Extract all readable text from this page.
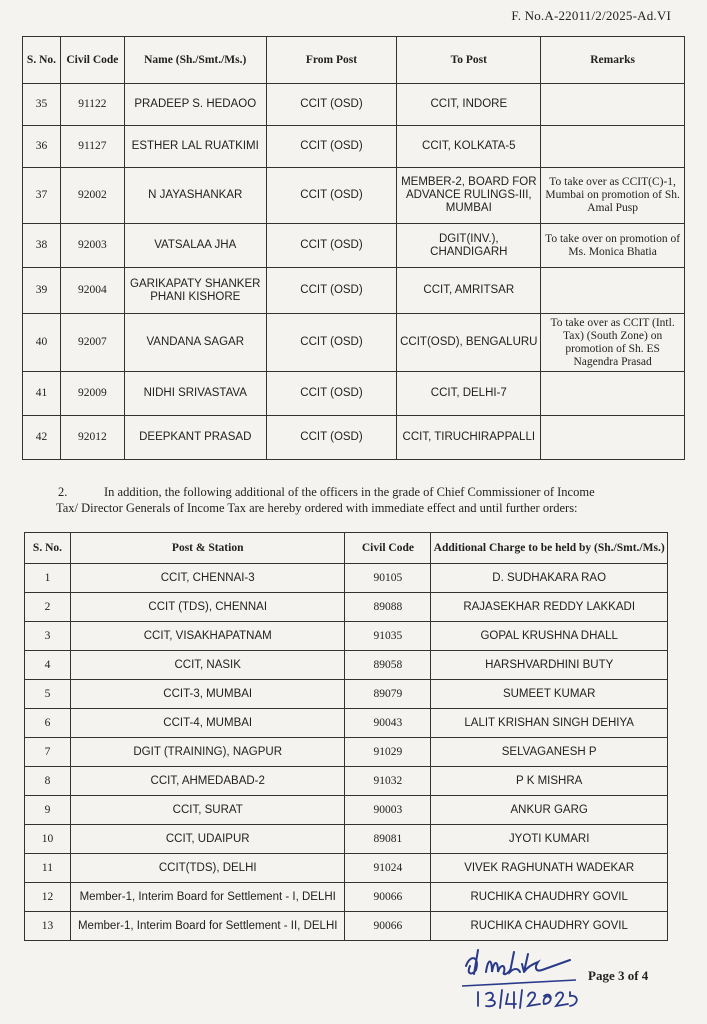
F. No.A-22011/2/2025-Ad.VI
S. No.	Civil Code	Name (Sh./Smt./Ms.)	From Post	To Post	Remarks
35	91122	PRADEEP S. HEDAOO	CCIT (OSD)	CCIT, INDORE	
36	91127	ESTHER LAL RUATKIMI	CCIT (OSD)	CCIT, KOLKATA-5	
37	92002	N JAYASHANKAR	CCIT (OSD)	MEMBER-2, BOARD FOR ADVANCE RULINGS-III, MUMBAI	To take over as CCIT(C)-1, Mumbai on promotion of Sh. Amal Pusp
38	92003	VATSALAA JHA	CCIT (OSD)	DGIT(INV.), CHANDIGARH	To take over on promotion of Ms. Monica Bhatia
39	92004	GARIKAPATY SHANKER PHANI KISHORE	CCIT (OSD)	CCIT, AMRITSAR	
40	92007	VANDANA SAGAR	CCIT (OSD)	CCIT(OSD), BENGALURU	To take over as CCIT (Intl. Tax) (South Zone) on promotion of Sh. ES Nagendra Prasad
41	92009	NIDHI SRIVASTAVA	CCIT (OSD)	CCIT, DELHI-7	
42	92012	DEEPKANT PRASAD	CCIT (OSD)	CCIT, TIRUCHIRAPPALLI	
2.	In addition, the following additional of the officers in the grade of Chief Commissioner of Income
Tax/ Director Generals of Income Tax are hereby ordered with immediate effect and until further orders:
S. No.	Post & Station	Civil Code	Additional Charge to be held by (Sh./Smt./Ms.)
1	CCIT, CHENNAI-3	90105	D. SUDHAKARA RAO
2	CCIT (TDS), CHENNAI	89088	RAJASEKHAR REDDY LAKKADI
3	CCIT, VISAKHAPATNAM	91035	GOPAL KRUSHNA DHALL
4	CCIT, NASIK	89058	HARSHVARDHINI BUTY
5	CCIT-3, MUMBAI	89079	SUMEET KUMAR
6	CCIT-4, MUMBAI	90043	LALIT KRISHAN SINGH DEHIYA
7	DGIT (TRAINING), NAGPUR	91029	SELVAGANESH P
8	CCIT, AHMEDABAD-2	91032	P K MISHRA
9	CCIT, SURAT	90003	ANKUR GARG
10	CCIT, UDAIPUR	89081	JYOTI KUMARI
11	CCIT(TDS), DELHI	91024	VIVEK RAGHUNATH WADEKAR
12	Member-1, Interim Board for Settlement - I, DELHI	90066	RUCHIKA CHAUDHRY GOVIL
13	Member-1, Interim Board for Settlement - II, DELHI	90066	RUCHIKA CHAUDHRY GOVIL
Page 3 of 4
